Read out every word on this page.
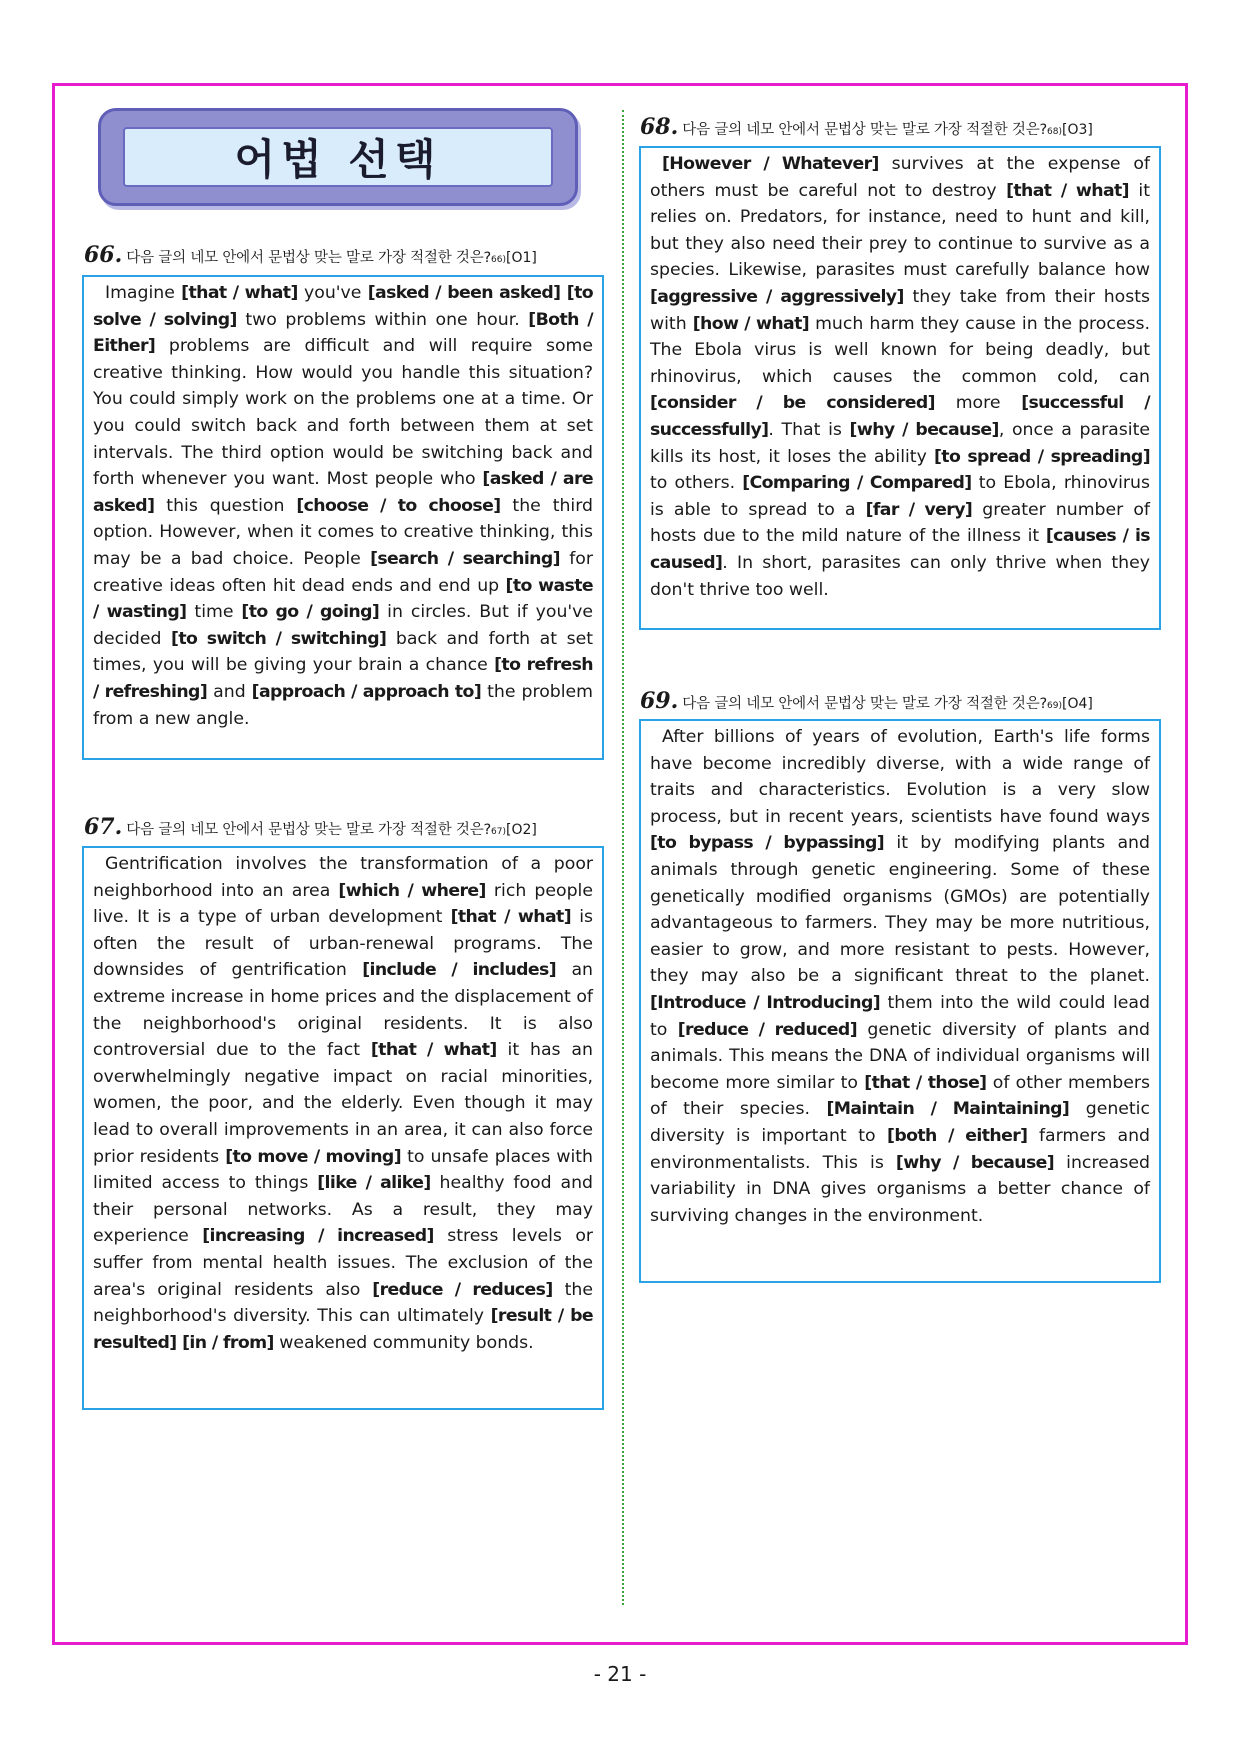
어법 선택
66. 다음 글의 네모 안에서 문법상 맞는 말로 가장 적절한 것은? 66) [O1]
Imagine [that / what] you've [asked / been asked] [to solve / solving] two problems within one hour. [Both / Either] problems are difficult and will require some creative thinking. How would you handle this situation? You could simply work on the problems one at a time. Or you could switch back and forth between them at set intervals. The third option would be switching back and forth whenever you want. Most people who [asked / are asked] this question [choose / to choose] the third option. However, when it comes to creative thinking, this may be a bad choice. People [search / searching] for creative ideas often hit dead ends and end up [to waste / wasting] time [to go / going] in circles. But if you've decided [to switch / switching] back and forth at set times, you will be giving your brain a chance [to refresh / refreshing] and [approach / approach to] the problem from a new angle.
67. 다음 글의 네모 안에서 문법상 맞는 말로 가장 적절한 것은? 67) [O2]
Gentrification involves the transformation of a poor neighborhood into an area [which / where] rich people live. It is a type of urban development [that / what] is often the result of urban-renewal programs. The downsides of gentrification [include / includes] an extreme increase in home prices and the displacement of the neighborhood's original residents. It is also controversial due to the fact [that / what] it has an overwhelmingly negative impact on racial minorities, women, the poor, and the elderly. Even though it may lead to overall improvements in an area, it can also force prior residents [to move / moving] to unsafe places with limited access to things [like / alike] healthy food and their personal networks. As a result, they may experience [increasing / increased] stress levels or suffer from mental health issues. The exclusion of the area's original residents also [reduce / reduces] the neighborhood's diversity. This can ultimately [result / be resulted] [in / from] weakened community bonds.
68. 다음 글의 네모 안에서 문법상 맞는 말로 가장 적절한 것은? 68) [O3]
[However / Whatever] survives at the expense of others must be careful not to destroy [that / what] it relies on. Predators, for instance, need to hunt and kill, but they also need their prey to continue to survive as a species. Likewise, parasites must carefully balance how [aggressive / aggressively] they take from their hosts with [how / what] much harm they cause in the process. The Ebola virus is well known for being deadly, but rhinovirus, which causes the common cold, can [consider / be considered] more [successful / successfully]. That is [why / because], once a parasite kills its host, it loses the ability [to spread / spreading] to others. [Comparing / Compared] to Ebola, rhinovirus is able to spread to a [far / very] greater number of hosts due to the mild nature of the illness it [causes / is caused]. In short, parasites can only thrive when they don't thrive too well.
69. 다음 글의 네모 안에서 문법상 맞는 말로 가장 적절한 것은? 69) [O4]
After billions of years of evolution, Earth's life forms have become incredibly diverse, with a wide range of traits and characteristics. Evolution is a very slow process, but in recent years, scientists have found ways [to bypass / bypassing] it by modifying plants and animals through genetic engineering. Some of these genetically modified organisms (GMOs) are potentially advantageous to farmers. They may be more nutritious, easier to grow, and more resistant to pests. However, they may also be a significant threat to the planet. [Introduce / Introducing] them into the wild could lead to [reduce / reduced] genetic diversity of plants and animals. This means the DNA of individual organisms will become more similar to [that / those] of other members of their species. [Maintain / Maintaining] genetic diversity is important to [both / either] farmers and environmentalists. This is [why / because] increased variability in DNA gives organisms a better chance of surviving changes in the environment.
- 21 -
